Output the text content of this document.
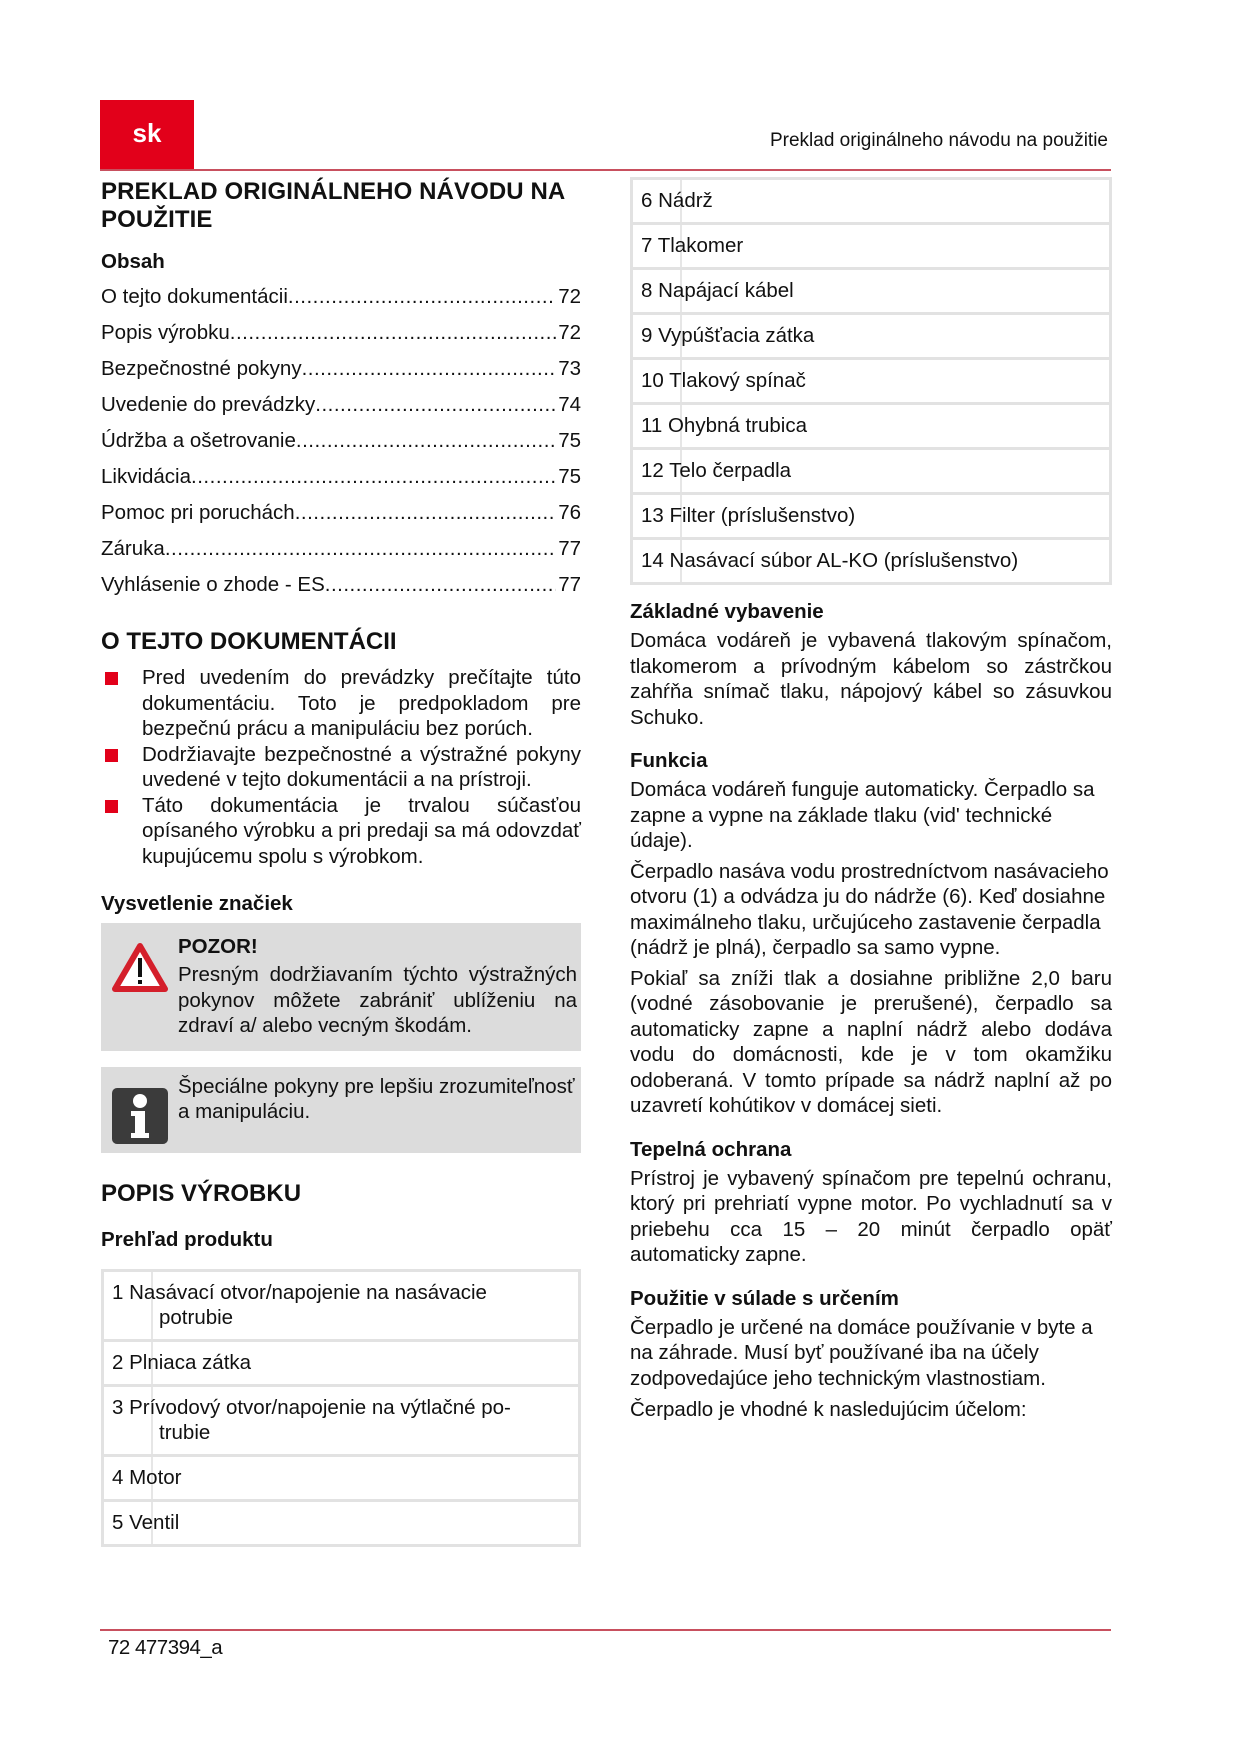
sk	Preklad originálneho návodu na použitie
PREKLAD ORIGINÁLNEHO NÁVODU NA POUŽITIE
Obsah
O tejto dokumentácii .....	72
Popis výrobku .....	72
Bezpečnostné pokyny .....	73
Uvedenie do prevádzky .....	74
Údržba a ošetrovanie .....	75
Likvidácia .....	75
Pomoc pri poruchách .....	76
Záruka .....	77
Vyhlásenie o zhode - ES .....	77
O TEJTO DOKUMENTÁCII
Pred uvedením do prevádzky prečítajte túto dokumentáciu. Toto je predpokladom pre bezpečnú prácu a manipuláciu bez porúch.
Dodržiavajte bezpečnostné a výstražné pokyny uvedené v tejto dokumentácii a na prístroji.
Táto dokumentácia je trvalou súčasťou opísaného výrobku a pri predaji sa má odovzdať kupujúcemu spolu s výrobkom.
Vysvetlenie značiek
POZOR!
Presným dodržiavaním týchto výstražných pokynov môžete zabrániť ublíženiu na zdraví a/ alebo vecným škodám.
Špeciálne pokyny pre lepšiu zrozumiteľnosť a manipuláciu.
POPIS VÝROBKU
Prehľad produktu
1 Nasávací otvor/napojenie na nasávacie
potrubie
2 Plniaca zátka
3 Prívodový otvor/napojenie na výtlačné po-
trubie
4 Motor
5 Ventil
6 Nádrž
7 Tlakomer
8 Napájací kábel
9 Vypúšťacia zátka
10 Tlakový spínač
11 Ohybná trubica
12 Telo čerpadla
13 Filter (príslušenstvo)
14 Nasávací súbor AL-KO (príslušenstvo)
Základné vybavenie
Domáca vodáreň je vybavená tlakovým spínačom, tlakomerom a prívodným kábelom so zástrčkou zahŕňa snímač tlaku, nápojový kábel so zásuvkou Schuko.
Funkcia
Domáca vodáreň funguje automaticky. Čerpadlo sa zapne a vypne na základe tlaku (vid' technické údaje).
Čerpadlo nasáva vodu prostredníctvom nasávacieho otvoru (1) a odvádza ju do nádrže (6). Keď dosiahne maximálneho tlaku, určujúceho zastavenie čerpadla (nádrž je plná), čerpadlo sa samo vypne.
Pokiaľ sa zníži tlak a dosiahne približne 2,0 baru (vodné zásobovanie je prerušené), čerpadlo sa automaticky zapne a naplní nádrž alebo dodáva vodu do domácnosti, kde je v tom okamžiku odoberaná. V tomto prípade sa nádrž naplní až po uzavretí kohútikov v domácej sieti.
Tepelná ochrana
Prístroj je vybavený spínačom pre tepelnú ochranu, ktorý pri prehriatí vypne motor. Po vychladnutí sa v priebehu cca 15 – 20 minút čerpadlo opäť automaticky zapne.
Použitie v súlade s určením
Čerpadlo je určené na domáce používanie v byte a na záhrade. Musí byť používané iba na účely zodpovedajúce jeho technickým vlastnostiam.
Čerpadlo je vhodné k nasledujúcim účelom:
72 477394_a
